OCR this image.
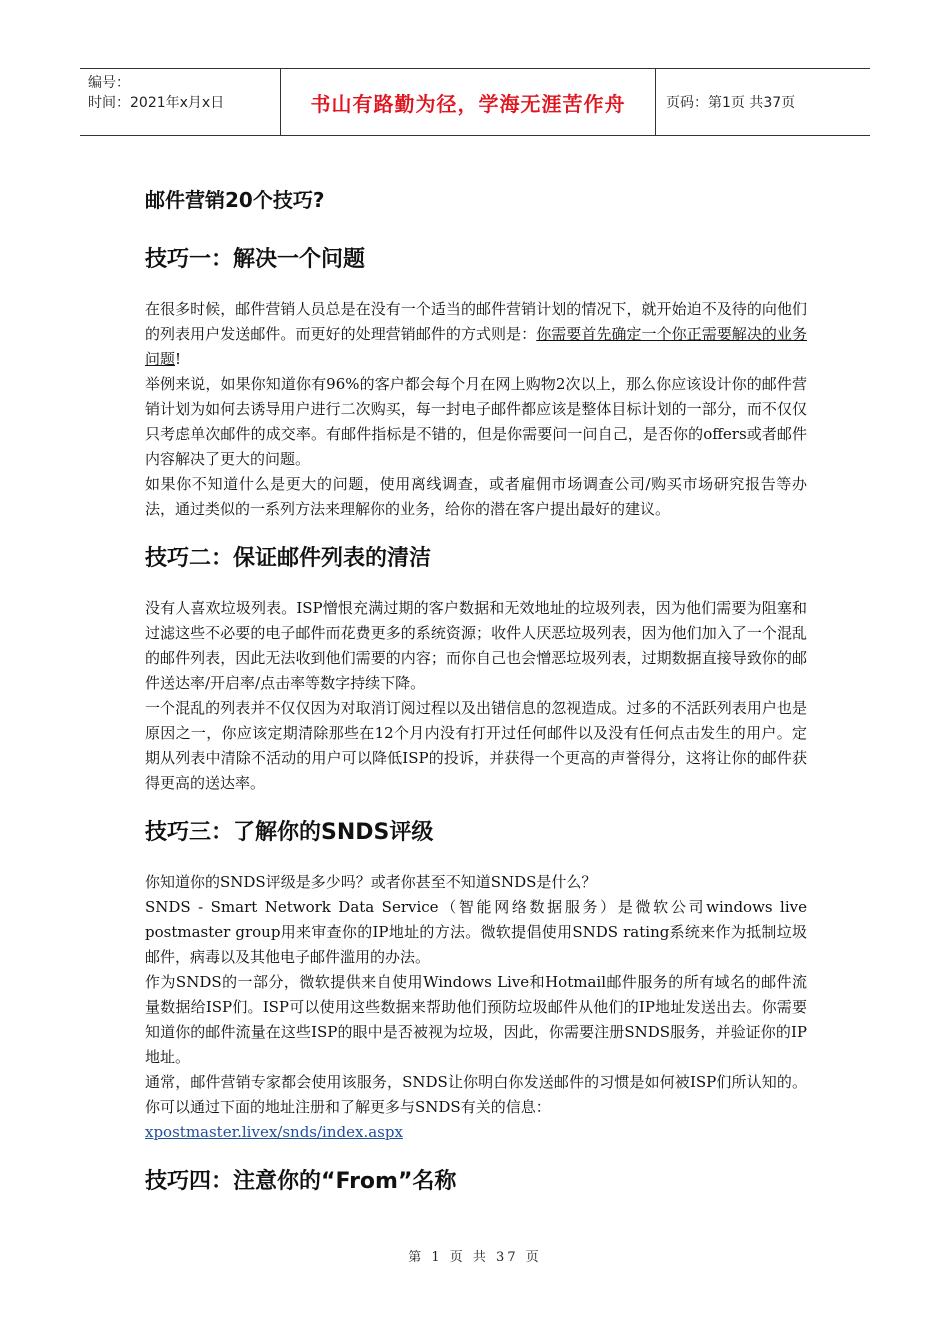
编号：
时间：2021年x月x日	书山有路勤为径，学海无涯苦作舟	页码：第1页 共37页
邮件营销20个技巧?
技巧一：解决一个问题

在很多时候，邮件营销人员总是在没有一个适当的邮件营销计划的情况下，就开始迫不及待的向他们的列表用户发送邮件。而更好的处理营销邮件的方式则是：你需要首先确定一个你正需要解决的业务问题!

举例来说，如果你知道你有96%的客户都会每个月在网上购物2次以上，那么你应该设计你的邮件营销计划为如何去诱导用户进行二次购买，每一封电子邮件都应该是整体目标计划的一部分，而不仅仅只考虑单次邮件的成交率。有邮件指标是不错的，但是你需要问一问自己，是否你的offers或者邮件内容解决了更大的问题。

如果你不知道什么是更大的问题，使用离线调查，或者雇佣市场调查公司/购买市场研究报告等办法，通过类似的一系列方法来理解你的业务，给你的潜在客户提出最好的建议。

技巧二：保证邮件列表的清洁

没有人喜欢垃圾列表。ISP憎恨充满过期的客户数据和无效地址的垃圾列表，因为他们需要为阻塞和过滤这些不必要的电子邮件而花费更多的系统资源；收件人厌恶垃圾列表，因为他们加入了一个混乱的邮件列表，因此无法收到他们需要的内容；而你自己也会憎恶垃圾列表，过期数据直接导致你的邮件送达率/开启率/点击率等数字持续下降。

一个混乱的列表并不仅仅因为对取消订阅过程以及出错信息的忽视造成。过多的不活跃列表用户也是原因之一，你应该定期清除那些在12个月内没有打开过任何邮件以及没有任何点击发生的用户。定期从列表中清除不活动的用户可以降低ISP的投诉，并获得一个更高的声誉得分，这将让你的邮件获得更高的送达率。

技巧三：了解你的SNDS评级

你知道你的SNDS评级是多少吗？或者你甚至不知道SNDS是什么？

SNDS - Smart Network Data Service（智能网络数据服务）是微软公司windows live postmaster group用来审查你的IP地址的方法。微软提倡使用SNDS rating系统来作为抵制垃圾邮件，病毒以及其他电子邮件滥用的办法。

作为SNDS的一部分，微软提供来自使用Windows Live和Hotmail邮件服务的所有域名的邮件流量数据给ISP们。ISP可以使用这些数据来帮助他们预防垃圾邮件从他们的IP地址发送出去。你需要知道你的邮件流量在这些ISP的眼中是否被视为垃圾，因此，你需要注册SNDS服务，并验证你的IP地址。

通常，邮件营销专家都会使用该服务，SNDS让你明白你发送邮件的习惯是如何被ISP们所认知的。你可以通过下面的地址注册和了解更多与SNDS有关的信息：

xpostmaster.livex/snds/index.aspx

技巧四：注意你的“From”名称
第 1 页 共 37 页
